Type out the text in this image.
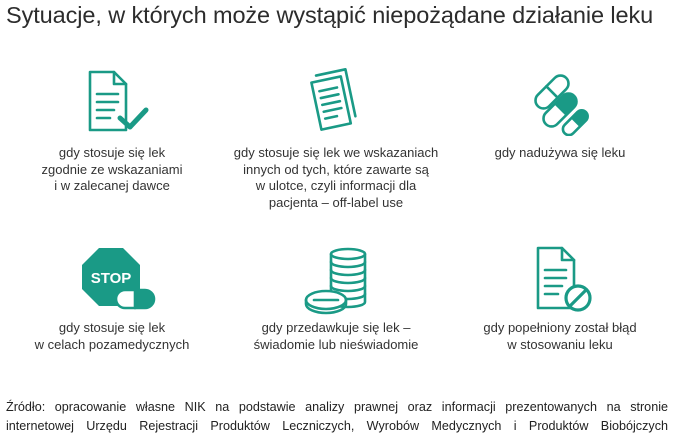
Sytuacje, w których może wystąpić niepożądane działanie leku
gdy stosuje się lek
zgodnie ze wskazaniami
i w zalecanej dawce
gdy stosuje się lek we wskazaniach
innych od tych, które zawarte są
w ulotce, czyli informacji dla
pacjenta – off-label use
gdy nadużywa się leku
STOP
gdy stosuje się lek
w celach pozamedycznych
gdy przedawkuje się lek –
świadomie lub nieświadomie
gdy popełniony został błąd
w stosowaniu leku
Źródło: opracowanie własne NIK na podstawie analizy prawnej oraz informacji prezentowanych na stronie
internetowej Urzędu Rejestracji Produktów Leczniczych, Wyrobów Medycznych i Produktów Biobójczych
